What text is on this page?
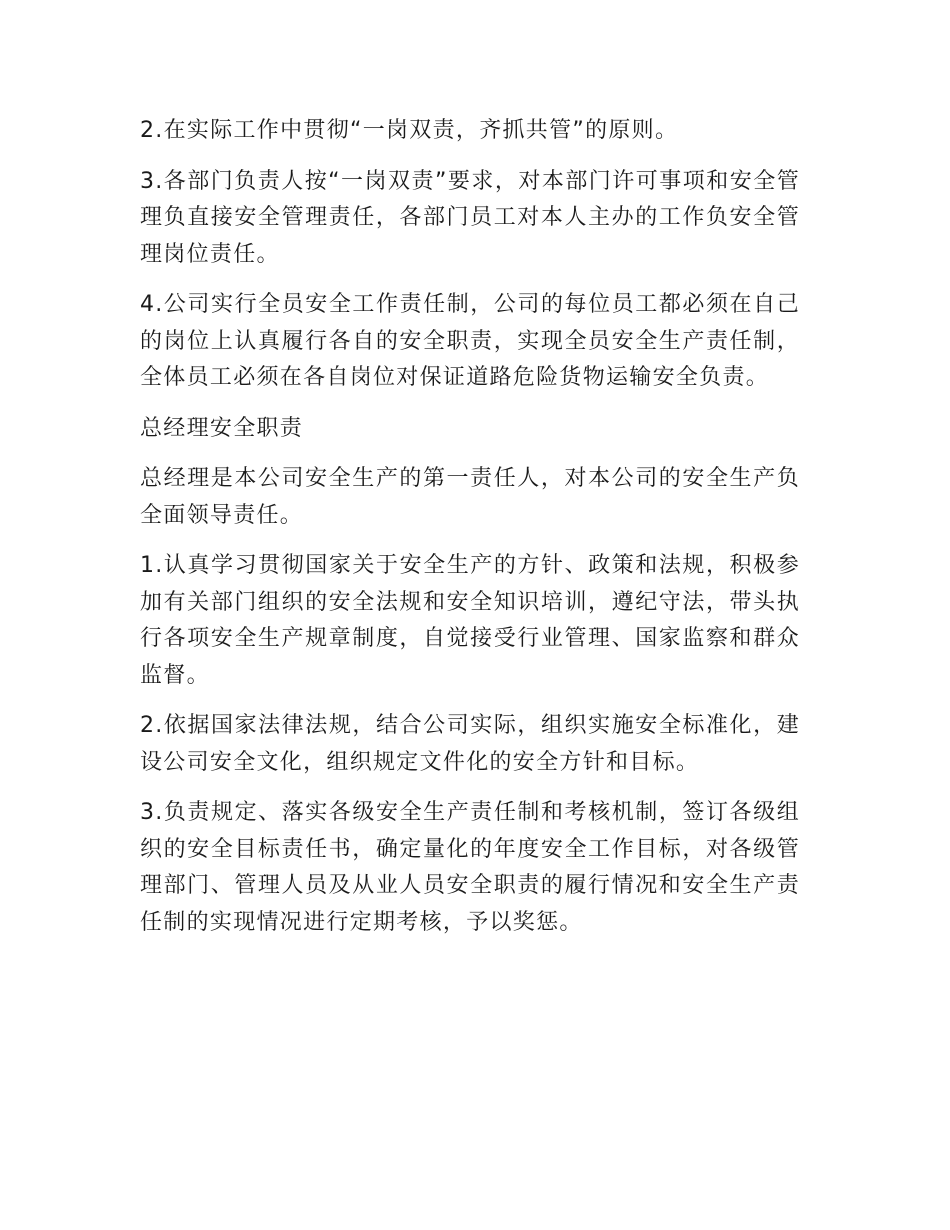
2.在实际工作中贯彻“一岗双责，齐抓共管”的原则。

3.各部门负责人按“一岗双责”要求，对本部门许可事项和安全管理负直接安全管理责任，各部门员工对本人主办的工作负安全管理岗位责任。

4.公司实行全员安全工作责任制，公司的每位员工都必须在自己的岗位上认真履行各自的安全职责，实现全员安全生产责任制，全体员工必须在各自岗位对保证道路危险货物运输安全负责。

总经理安全职责

总经理是本公司安全生产的第一责任人，对本公司的安全生产负全面领导责任。

1.认真学习贯彻国家关于安全生产的方针、政策和法规，积极参加有关部门组织的安全法规和安全知识培训，遵纪守法，带头执行各项安全生产规章制度，自觉接受行业管理、国家监察和群众监督。

2.依据国家法律法规，结合公司实际，组织实施安全标准化，建设公司安全文化，组织规定文件化的安全方针和目标。

3.负责规定、落实各级安全生产责任制和考核机制，签订各级组织的安全目标责任书，确定量化的年度安全工作目标，对各级管理部门、管理人员及从业人员安全职责的履行情况和安全生产责任制的实现情况进行定期考核，予以奖惩。
